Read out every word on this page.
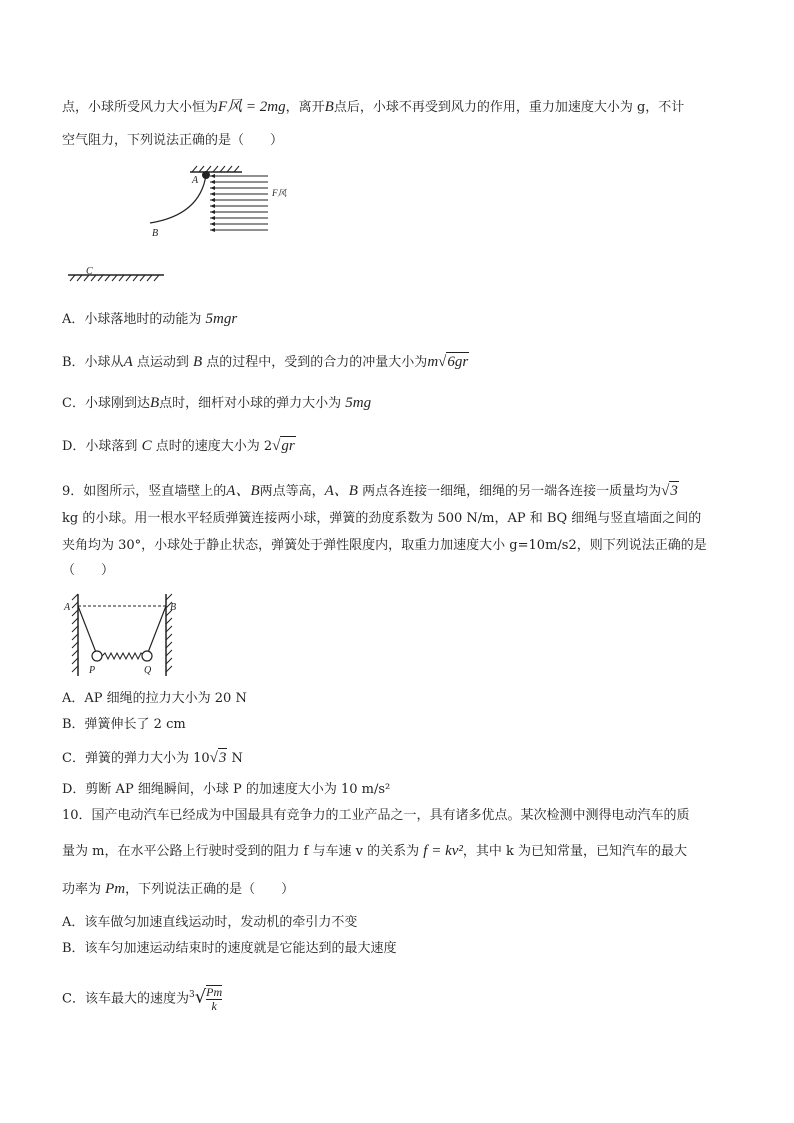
点，小球所受风力大小恒为F风 = 2mg，离开B点后，小球不再受到风力的作用，重力加速度大小为 g，不计
空气阻力，下列说法正确的是（　　）
A
B
F风
C
A．小球落地时的动能为 5mgr
B．小球从A 点运动到 B 点的过程中，受到的合力的冲量大小为m√6gr
C．小球刚到达B点时，细杆对小球的弹力大小为 5mg
D．小球落到 C 点时的速度大小为 2√gr
9．如图所示，竖直墙壁上的A、B两点等高，A、B 两点各连接一细绳，细绳的另一端各连接一质量均为√3
kg 的小球。用一根水平轻质弹簧连接两小球，弹簧的劲度系数为 500 N/m，AP 和 BQ 细绳与竖直墙面之间的
夹角均为 30°，小球处于静止状态，弹簧处于弹性限度内，取重力加速度大小 g=10m/s2，则下列说法正确的是
（　　）
A	B
P	Q
A．AP 细绳的拉力大小为 20 N
B．弹簧伸长了 2 cm
C．弹簧的弹力大小为 10√3 N
D．剪断 AP 细绳瞬间，小球 P 的加速度大小为 10 m/s²
10．国产电动汽车已经成为中国最具有竞争力的工业产品之一，具有诸多优点。某次检测中测得电动汽车的质
量为 m，在水平公路上行驶时受到的阻力 f 与车速 v 的关系为 f = kv²，其中 k 为已知常量，已知汽车的最大
功率为 Pm，下列说法正确的是（　　）
A．该车做匀加速直线运动时，发动机的牵引力不变
B．该车匀加速运动结束时的速度就是它能达到的最大速度
C．该车最大的速度为$^3√ \frac{Pm}{k}$
